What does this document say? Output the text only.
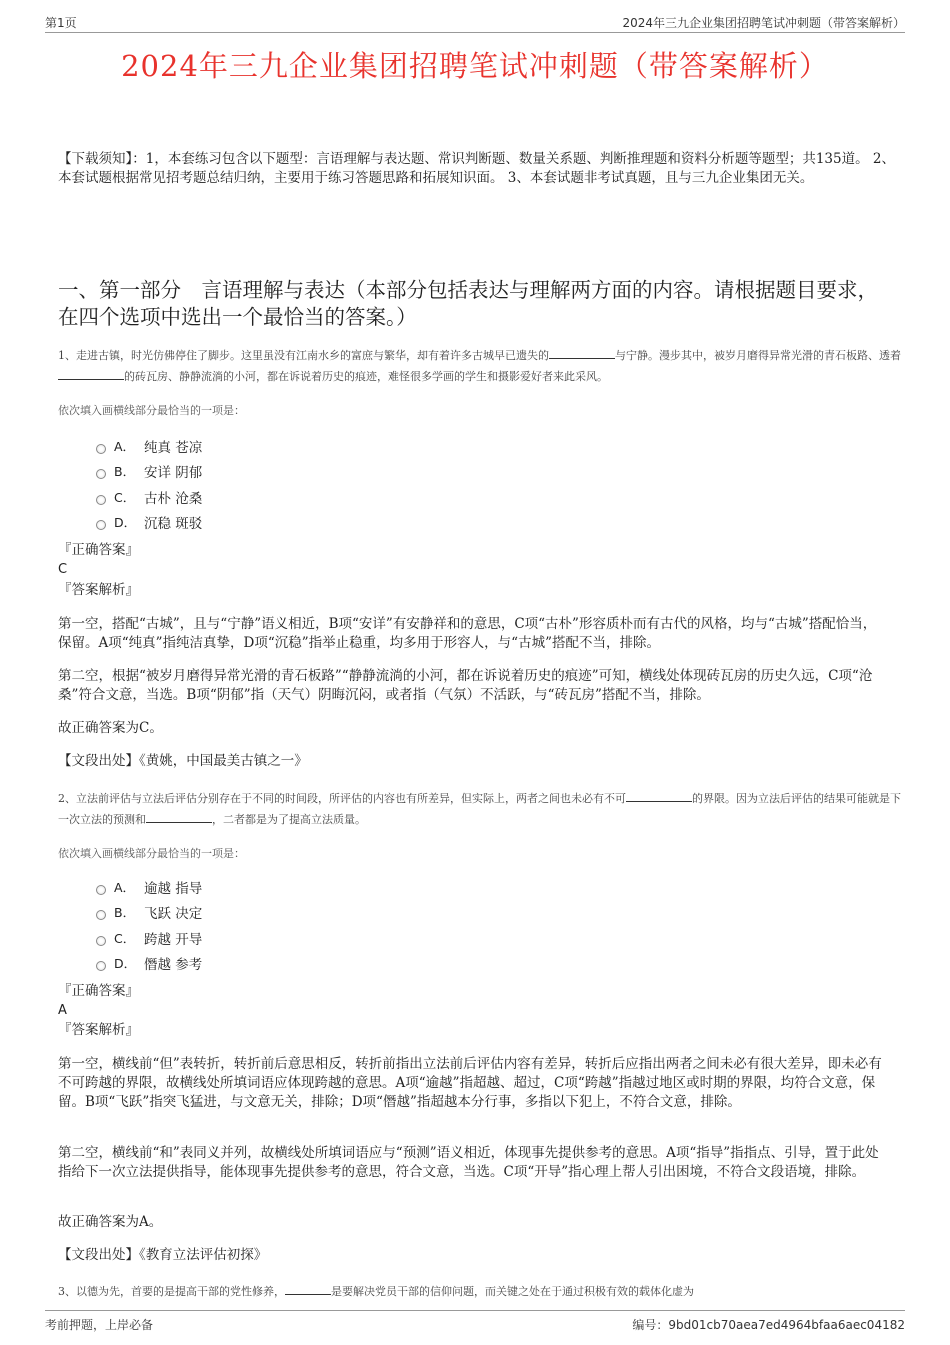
第1页	2024年三九企业集团招聘笔试冲刺题（带答案解析）
2024年三九企业集团招聘笔试冲刺题（带答案解析）
【下载须知】：1，本套练习包含以下题型：言语理解与表达题、常识判断题、数量关系题、判断推理题和资料分析题等题型；共135道。 2、本套试题根据常见招考题总结归纳，主要用于练习答题思路和拓展知识面。 3、本套试题非考试真题，且与三九企业集团无关。
一、第一部分　言语理解与表达（本部分包括表达与理解两方面的内容。请根据题目要求，在四个选项中选出一个最恰当的答案。）
1、走进古镇，时光仿佛停住了脚步。这里虽没有江南水乡的富庶与繁华，却有着许多古城早已遗失的	与宁静。漫步其中，被岁月磨得异常光滑的青石板路、透着的砖瓦房、静静流淌的小河，都在诉说着历史的痕迹，难怪很多学画的学生和摄影爱好者来此采风。
依次填入画横线部分最恰当的一项是：
A． 纯真 苍凉
B． 安详 阴郁
C． 古朴 沧桑
D． 沉稳 斑驳
『正确答案』
C
『答案解析』
第一空，搭配“古城”，且与“宁静”语义相近，B项“安详”有安静祥和的意思，C项“古朴”形容质朴而有古代的风格，均与“古城”搭配恰当，保留。A项“纯真”指纯洁真挚，D项“沉稳”指举止稳重，均多用于形容人，与“古城”搭配不当，排除。
第二空，根据“被岁月磨得异常光滑的青石板路”“静静流淌的小河，都在诉说着历史的痕迹”可知，横线处体现砖瓦房的历史久远，C项“沧桑”符合文意，当选。B项“阴郁”指（天气）阴晦沉闷，或者指（气氛）不活跃，与“砖瓦房”搭配不当，排除。
故正确答案为C。
【文段出处】《黄姚，中国最美古镇之一》
2、立法前评估与立法后评估分别存在于不同的时间段，所评估的内容也有所差异，但实际上，两者之间也未必有不可	的界限。因为立法后评估的结果可能就是下一次立法的预测和	，二者都是为了提高立法质量。
依次填入画横线部分最恰当的一项是：
A． 逾越 指导
B． 飞跃 决定
C． 跨越 开导
D． 僭越 参考
『正确答案』
A
『答案解析』
第一空，横线前“但”表转折，转折前后意思相反，转折前指出立法前后评估内容有差异，转折后应指出两者之间未必有很大差异，即未必有不可跨越的界限，故横线处所填词语应体现跨越的意思。A项“逾越”指超越、超过，C项“跨越”指越过地区或时期的界限，均符合文意，保留。B项“飞跃”指突飞猛进，与文意无关，排除；D项“僭越”指超越本分行事，多指以下犯上，不符合文意，排除。
第二空，横线前“和”表同义并列，故横线处所填词语应与“预测”语义相近，体现事先提供参考的意思。A项“指导”指指点、引导，置于此处指给下一次立法提供指导，能体现事先提供参考的意思，符合文意，当选。C项“开导”指心理上帮人引出困境，不符合文段语境，排除。
故正确答案为A。
【文段出处】《教育立法评估初探》
3、以德为先，首要的是提高干部的党性修养，	是要解决党员干部的信仰问题，而关键之处在于通过积极有效的载体化虚为
考前押题，上岸必备	编号：9bd01cb70aea7ed4964bfaa6aec04182
